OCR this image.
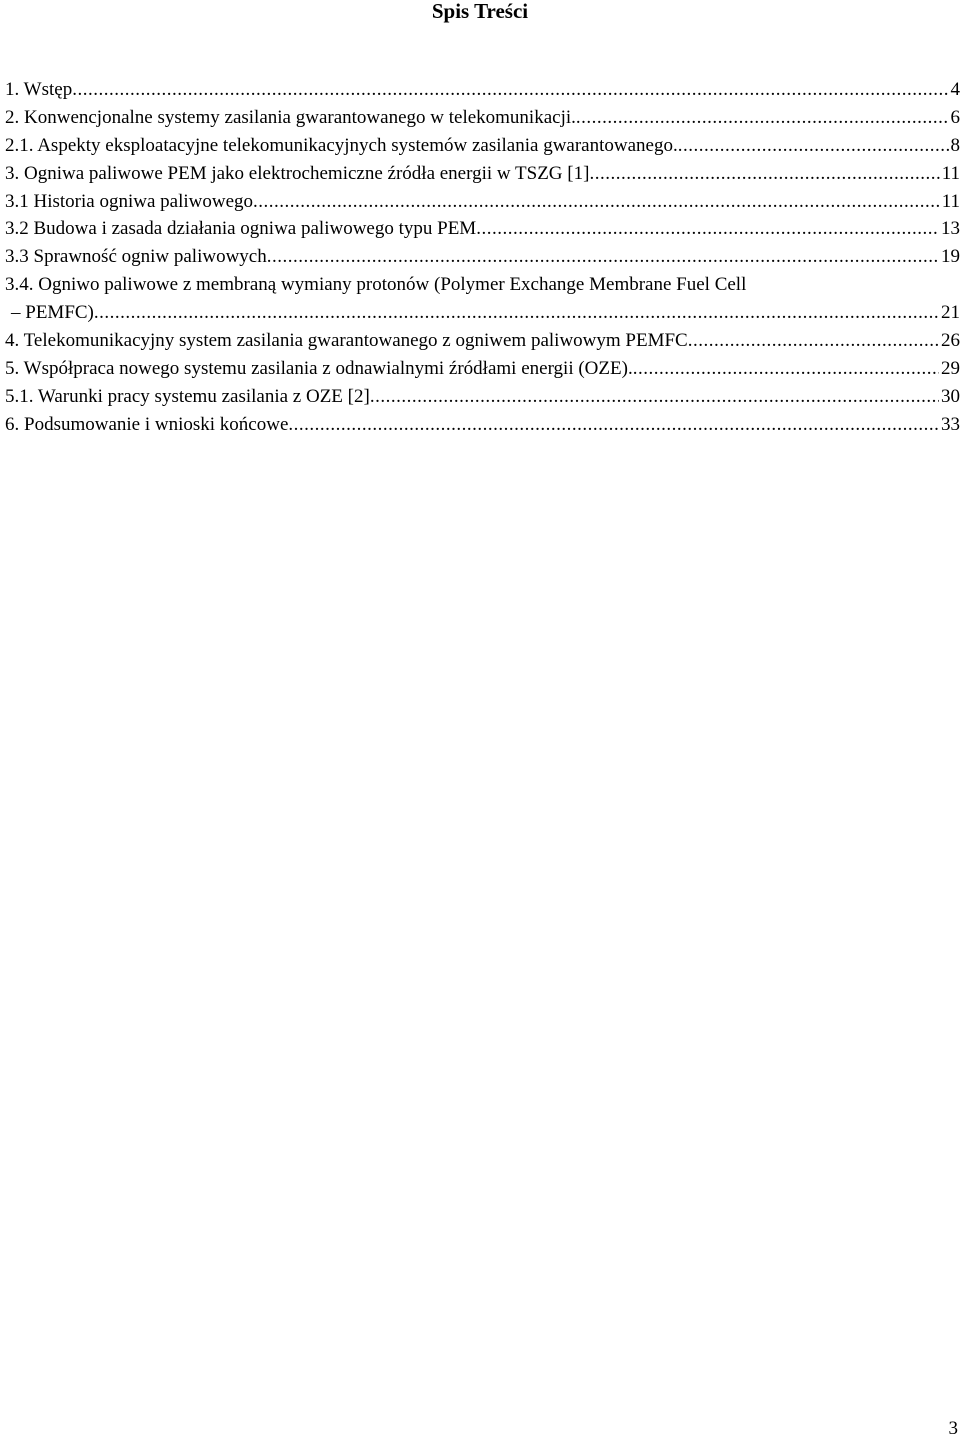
Spis Treści
1. Wstęp .....	4
2. Konwencjonalne systemy zasilania gwarantowanego w telekomunikacji. .....	6
2.1. Aspekty eksploatacyjne telekomunikacyjnych systemów zasilania gwarantowanego. .....	8
3. Ogniwa paliwowe PEM jako elektrochemiczne źródła energii w TSZG [1] .....	11
3.1 Historia ogniwa paliwowego .....	11
3.2 Budowa i zasada działania ogniwa paliwowego typu PEM .....	13
3.3 Sprawność ogniw paliwowych .....	19
3.4. Ogniwo paliwowe z membraną wymiany protonów (Polymer Exchange Membrane Fuel Cell
– PEMFC) .....	21
4. Telekomunikacyjny system zasilania gwarantowanego z ogniwem paliwowym PEMFC .....	26
5. Współpraca nowego systemu zasilania z odnawialnymi źródłami energii (OZE). .....	29
5.1. Warunki pracy systemu zasilania z OZE [2] .....	30
6. Podsumowanie i wnioski końcowe .....	33
3
